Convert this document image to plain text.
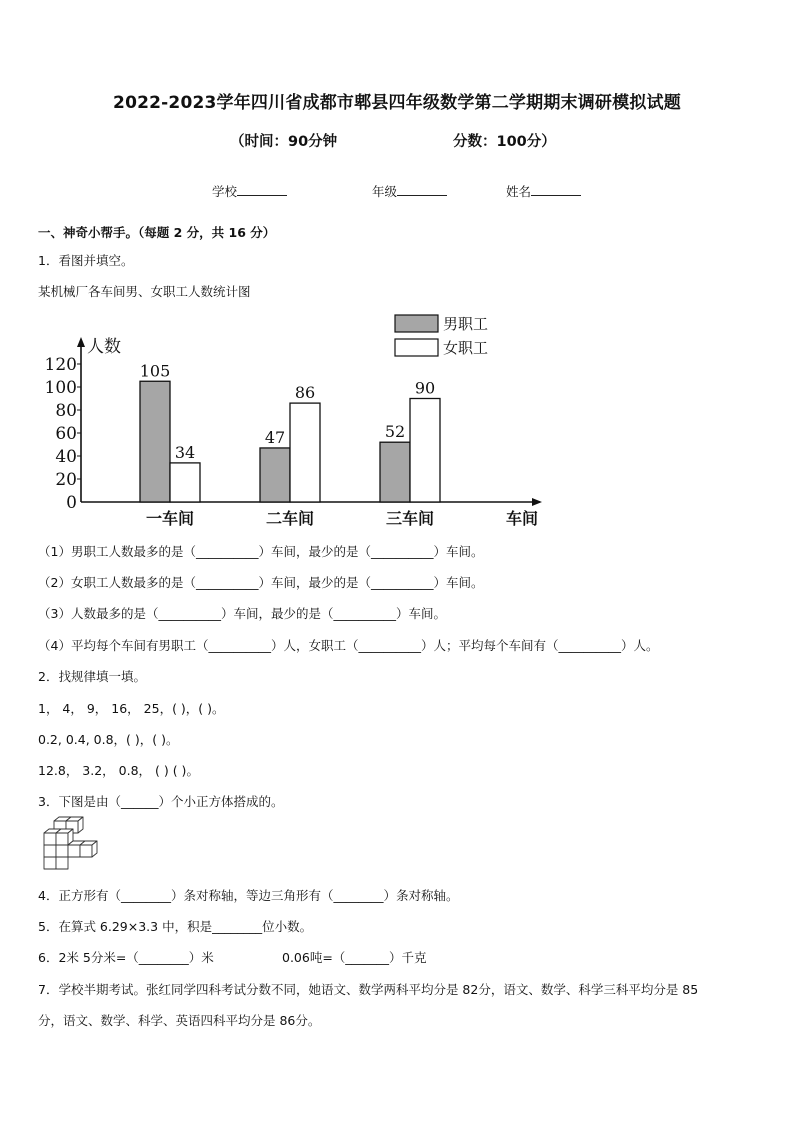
2022-2023学年四川省成都市郫县四年级数学第二学期期末调研模拟试题
（时间：90分钟	分数：100分）
学校	年级	姓名
一、神奇小帮手。（每题 2 分，共 16 分）
1．看图并填空。
某机械厂各车间男、女职工人数统计图
0
20
40
60
80
100
120
人数
车间
105
34
一车间
47
86
二车间
52
90
三车间
男职工
女职工
（1）男职工人数最多的是（__________）车间，最少的是（__________）车间。
（2）女职工人数最多的是（__________）车间，最少的是（__________）车间。
（3）人数最多的是（__________）车间，最少的是（__________）车间。
（4）平均每个车间有男职工（__________）人，女职工（__________）人；平均每个车间有（__________）人。
2．找规律填一填。
1， 4， 9， 16， 25，( )，( )。
0.2, 0.4, 0.8，( )，( )。
12.8， 3.2， 0.8， ( ) ( )。
3．下图是由（______）个小正方体搭成的。
4．正方形有（________）条对称轴，等边三角形有（________）条对称轴。
5．在算式 6.29×3.3 中，积是________位小数。
6．2米 5分米=（________）米	0.06吨=（_______）千克
7．学校半期考试。张红同学四科考试分数不同，她语文、数学两科平均分是 82分，语文、数学、科学三科平均分是 85
分，语文、数学、科学、英语四科平均分是 86分。
